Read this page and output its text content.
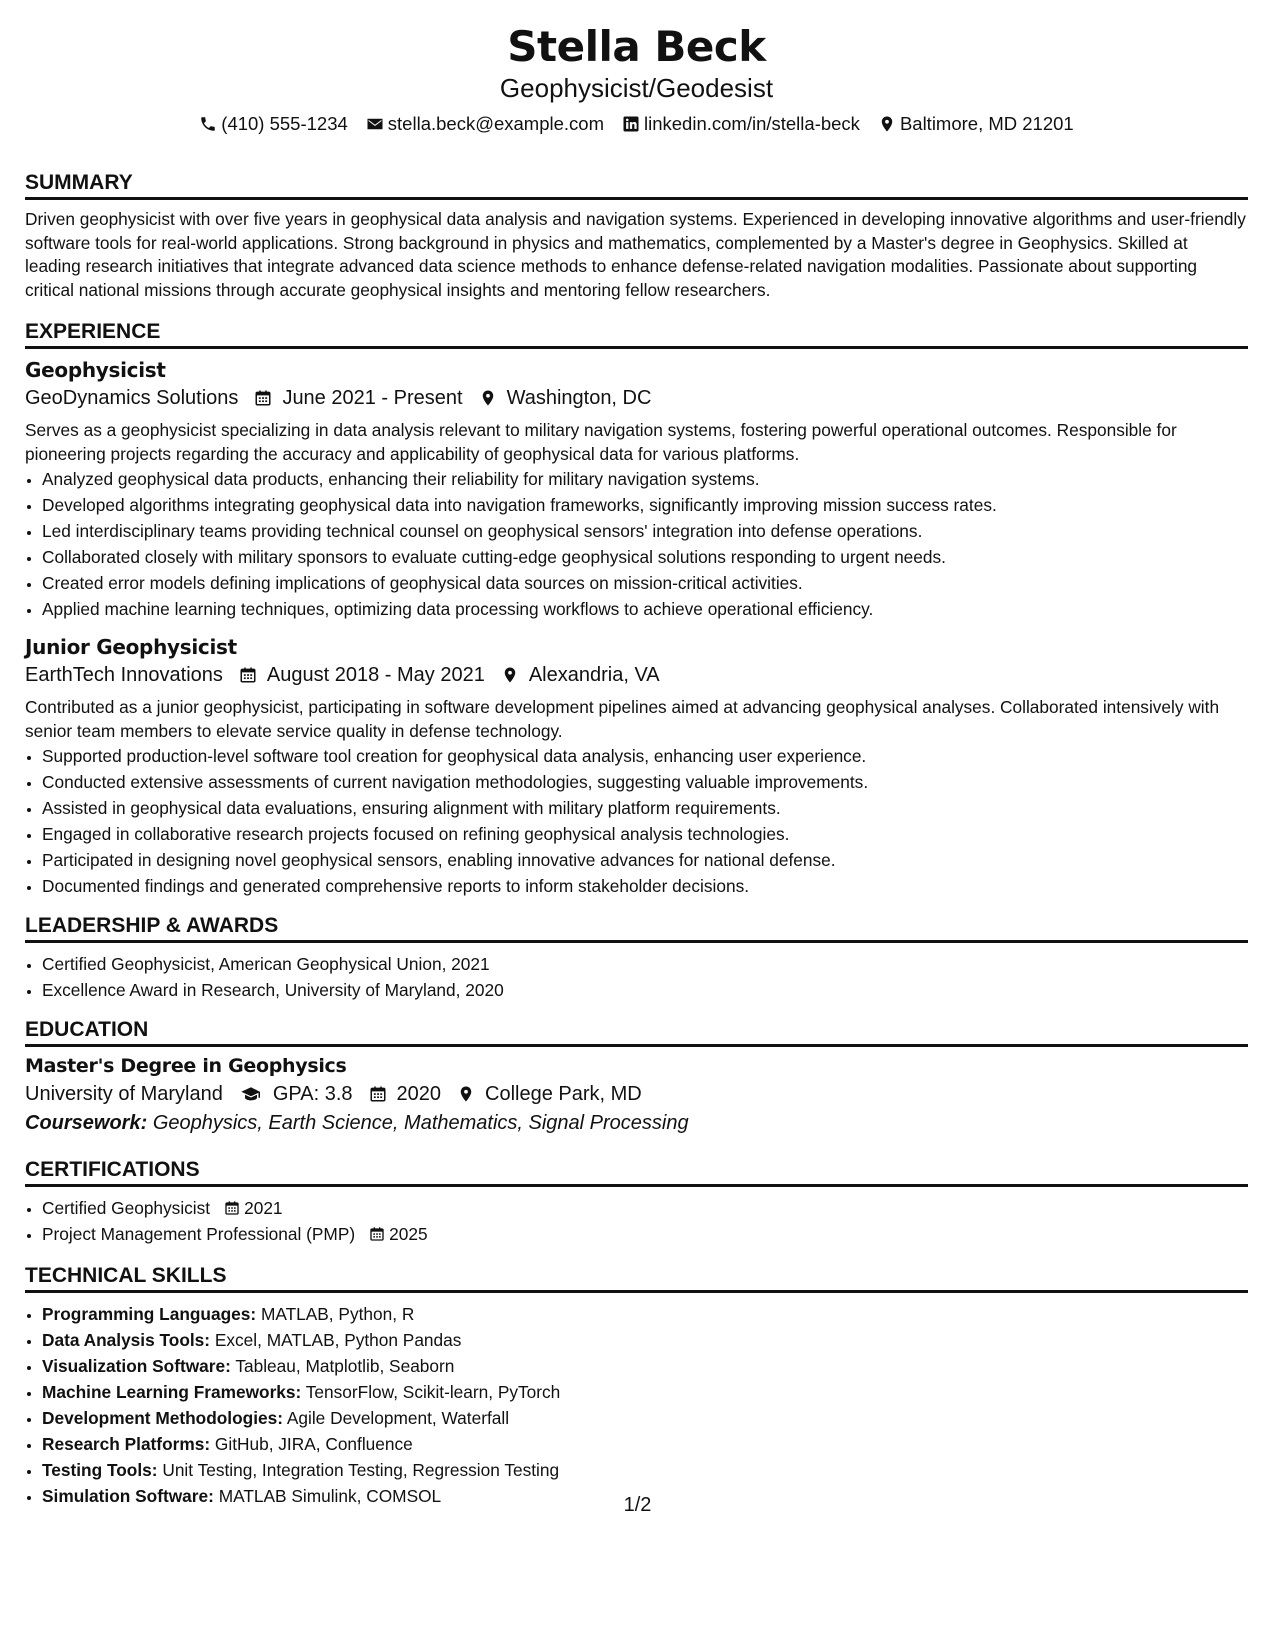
Stella Beck
Geophysicist/Geodesist
(410) 555-1234 stella.beck@example.com linkedin.com/in/stella-beck Baltimore, MD 21201
SUMMARY
Driven geophysicist with over five years in geophysical data analysis and navigation systems. Experienced in developing innovative algorithms and user-friendly software tools for real-world applications. Strong background in physics and mathematics, complemented by a Master's degree in Geophysics. Skilled at leading research initiatives that integrate advanced data science methods to enhance defense-related navigation modalities. Passionate about supporting critical national missions through accurate geophysical insights and mentoring fellow researchers.
EXPERIENCE
Geophysicist
GeoDynamics Solutions June 2021 - Present Washington, DC
Serves as a geophysicist specializing in data analysis relevant to military navigation systems, fostering powerful operational outcomes. Responsible for pioneering projects regarding the accuracy and applicability of geophysical data for various platforms.
• Analyzed geophysical data products, enhancing their reliability for military navigation systems.
• Developed algorithms integrating geophysical data into navigation frameworks, significantly improving mission success rates.
• Led interdisciplinary teams providing technical counsel on geophysical sensors' integration into defense operations.
• Collaborated closely with military sponsors to evaluate cutting-edge geophysical solutions responding to urgent needs.
• Created error models defining implications of geophysical data sources on mission-critical activities.
• Applied machine learning techniques, optimizing data processing workflows to achieve operational efficiency.
Junior Geophysicist
EarthTech Innovations August 2018 - May 2021 Alexandria, VA
Contributed as a junior geophysicist, participating in software development pipelines aimed at advancing geophysical analyses. Collaborated intensively with senior team members to elevate service quality in defense technology.
• Supported production-level software tool creation for geophysical data analysis, enhancing user experience.
• Conducted extensive assessments of current navigation methodologies, suggesting valuable improvements.
• Assisted in geophysical data evaluations, ensuring alignment with military platform requirements.
• Engaged in collaborative research projects focused on refining geophysical analysis technologies.
• Participated in designing novel geophysical sensors, enabling innovative advances for national defense.
• Documented findings and generated comprehensive reports to inform stakeholder decisions.
LEADERSHIP & AWARDS
• Certified Geophysicist, American Geophysical Union, 2021
• Excellence Award in Research, University of Maryland, 2020
EDUCATION
Master's Degree in Geophysics
University of Maryland	GPA: 3.8 2020 College Park, MD
Coursework: Geophysics, Earth Science, Mathematics, Signal Processing
CERTIFICATIONS
• Certified Geophysicist 2021
• Project Management Professional (PMP) 2025
TECHNICAL SKILLS
• Programming Languages: MATLAB, Python, R
• Data Analysis Tools: Excel, MATLAB, Python Pandas
• Visualization Software: Tableau, Matplotlib, Seaborn
• Machine Learning Frameworks: TensorFlow, Scikit-learn, PyTorch
• Development Methodologies: Agile Development, Waterfall
• Research Platforms: GitHub, JIRA, Confluence
• Testing Tools: Unit Testing, Integration Testing, Regression Testing
• Simulation Software: MATLAB Simulink, COMSOL	1/2
